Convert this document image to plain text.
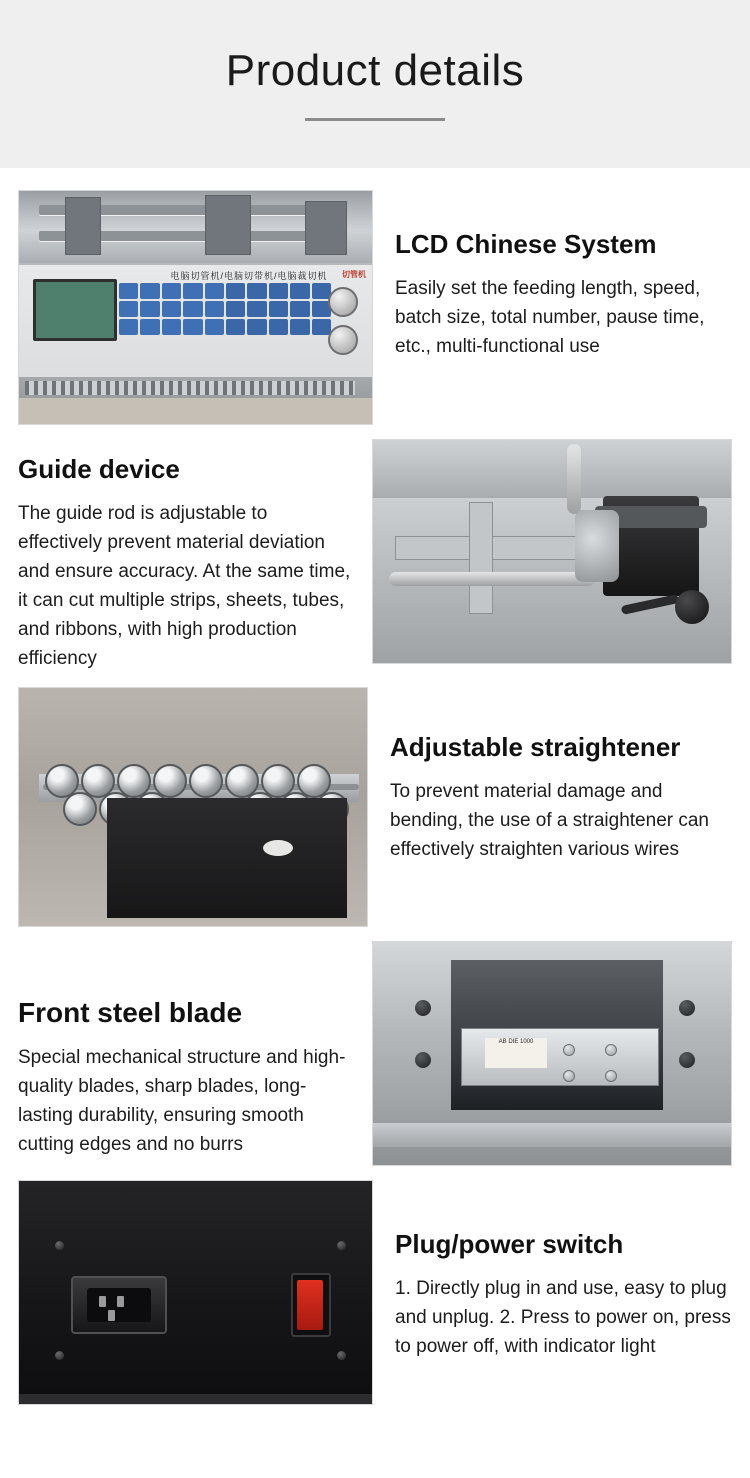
Product details
电脑切管机/电脑切带机/电脑裁切机	切管机
LCD Chinese System

Easily set the feeding length, speed, batch size, total number, pause time, etc., multi-functional use

Guide device

The guide rod is adjustable to effectively prevent material deviation and ensure accuracy. At the same time, it can cut multiple strips, sheets, tubes, and ribbons, with high production efficiency

Adjustable straightener

To prevent material damage and bending, the use of a straightener can effectively straighten various wires

Front steel blade

Special mechanical structure and high-quality blades, sharp blades, long-lasting durability, ensuring smooth cutting edges and no burrs

AB DIE 1000
Plug/power switch

1. Directly plug in and use, easy to plug and unplug. 2. Press to power on, press to power off, with indicator light
